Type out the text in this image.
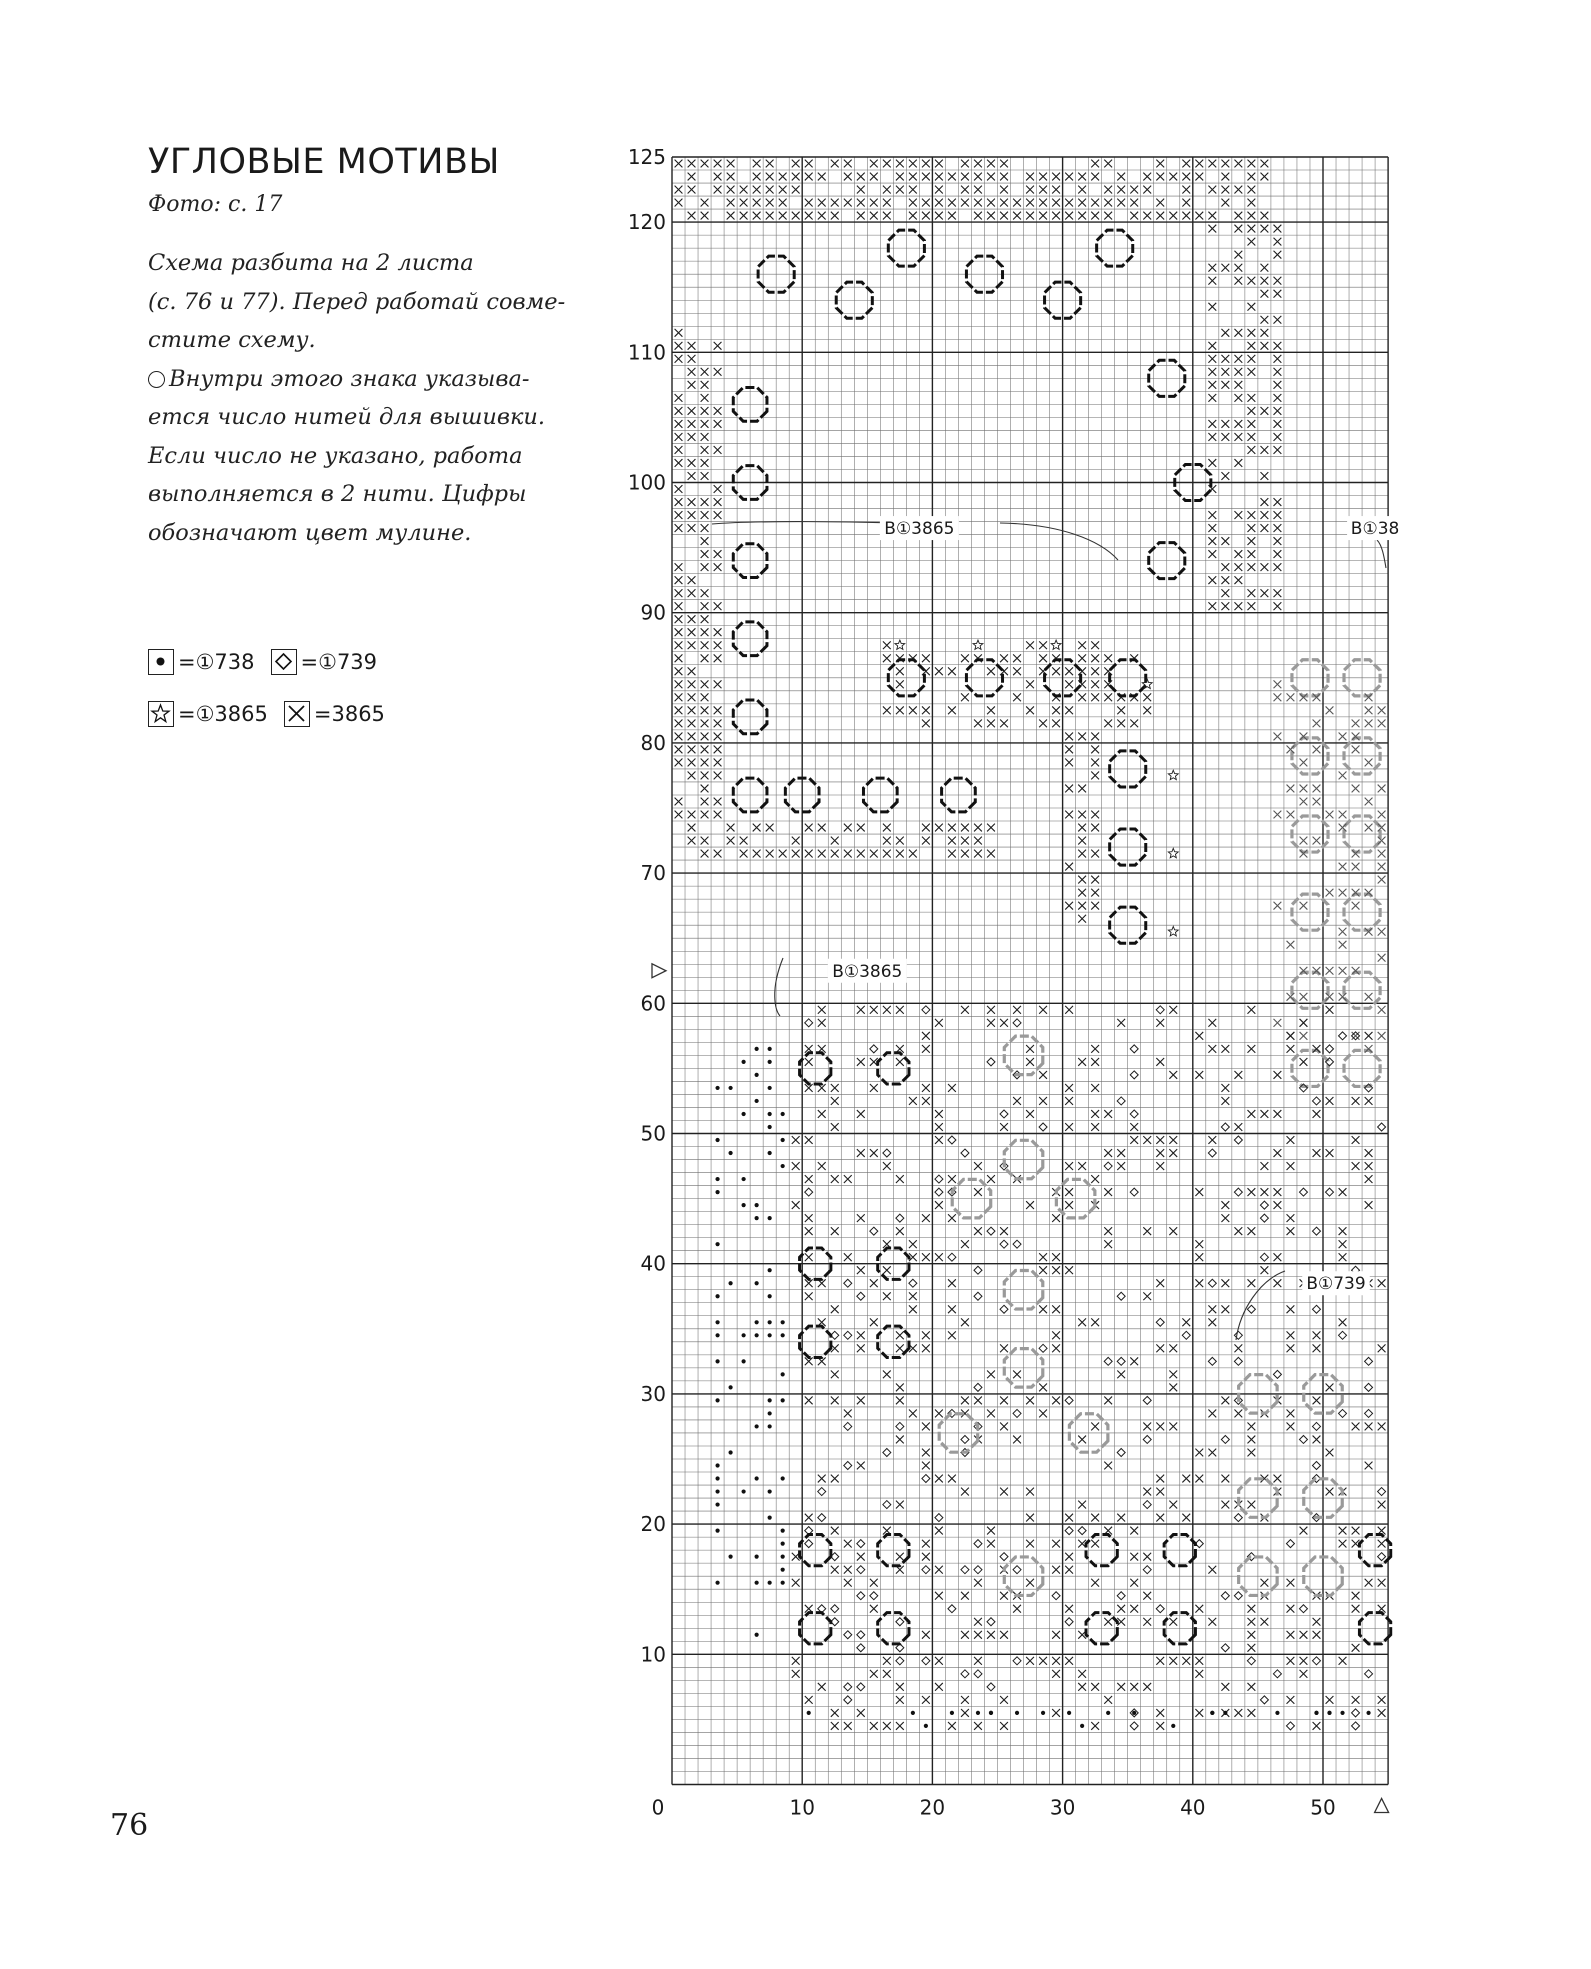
УГЛОВЫЕ МОТИВЫ
Фото: с. 17
Схема разбита на 2 листа
(с. 76 и 77). Перед работай совме-
стите схему.
Внутри этого знака указыва-
ется число нитей для вышивки.
Если число не указано, работа
выполняется в 2 нити. Цифры
обозначают цвет мулине.
=①738 =①739
=①3865 =3865
B①3865	B①38
B①3865
B①739
0	10	20	30	40	50
10
20
30
40
50
60
70
80
90
100
110
120
125
76
